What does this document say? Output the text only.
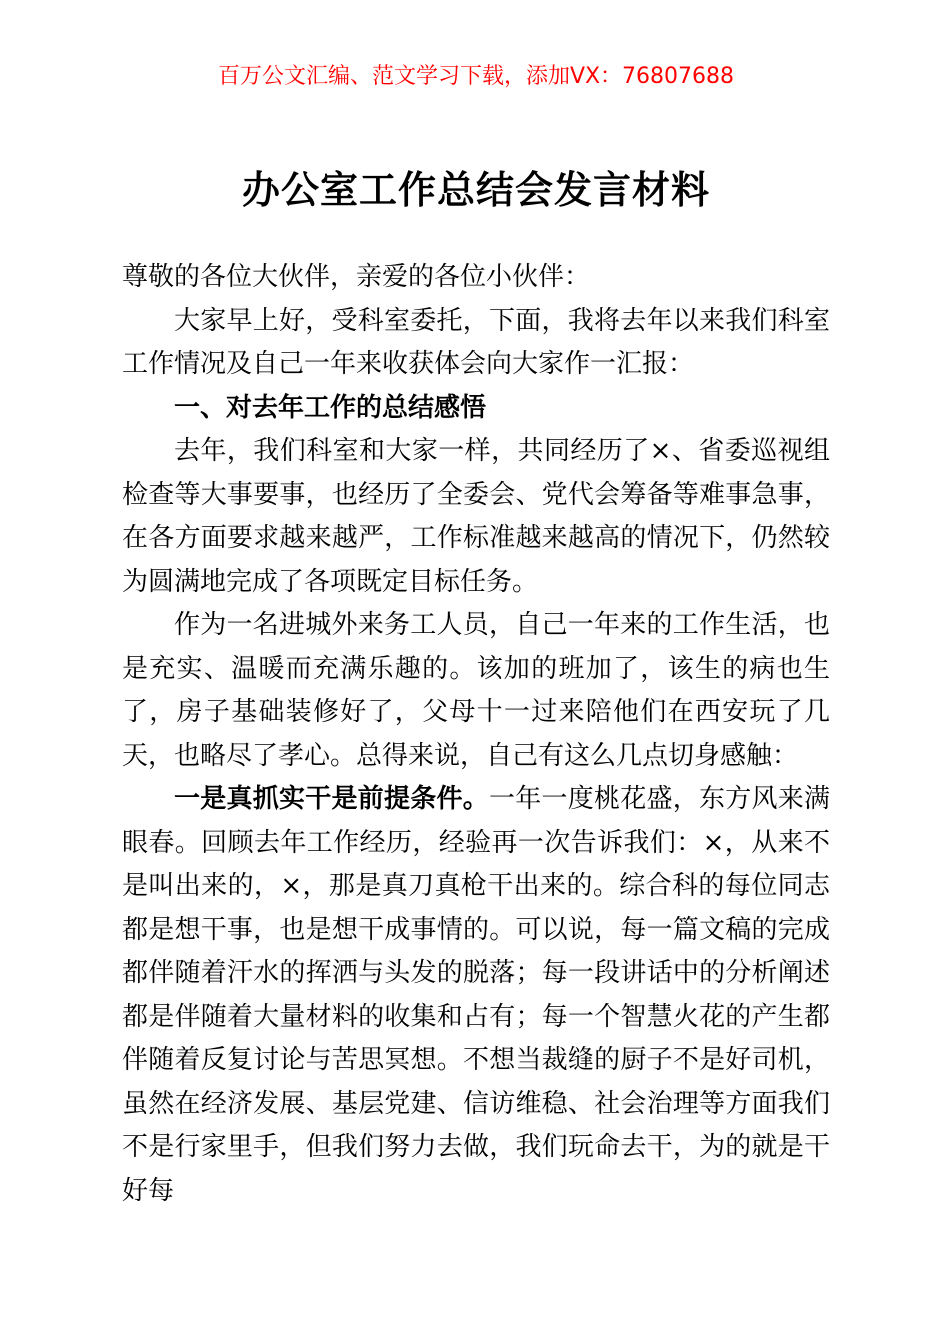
百万公文汇编、范文学习下载，添加VX：76807688
办公室工作总结会发言材料

尊敬的各位大伙伴，亲爱的各位小伙伴：

大家早上好，受科室委托，下面，我将去年以来我们科室工作情况及自己一年来收获体会向大家作一汇报：

一、对去年工作的总结感悟

去年，我们科室和大家一样，共同经历了×、省委巡视组检查等大事要事，也经历了全委会、党代会筹备等难事急事，在各方面要求越来越严，工作标准越来越高的情况下，仍然较为圆满地完成了各项既定目标任务。

作为一名进城外来务工人员，自己一年来的工作生活，也是充实、温暖而充满乐趣的。该加的班加了，该生的病也生了，房子基础装修好了，父母十一过来陪他们在西安玩了几天，也略尽了孝心。总得来说，自己有这么几点切身感触：

一是真抓实干是前提条件。一年一度桃花盛，东方风来满眼春。回顾去年工作经历，经验再一次告诉我们：×，从来不是叫出来的，×，那是真刀真枪干出来的。综合科的每位同志都是想干事，也是想干成事情的。可以说，每一篇文稿的完成都伴随着汗水的挥洒与头发的脱落；每一段讲话中的分析阐述都是伴随着大量材料的收集和占有；每一个智慧火花的产生都伴随着反复讨论与苦思冥想。不想当裁缝的厨子不是好司机，虽然在经济发展、基层党建、信访维稳、社会治理等方面我们不是行家里手，但我们努力去做，我们玩命去干，为的就是干好每
